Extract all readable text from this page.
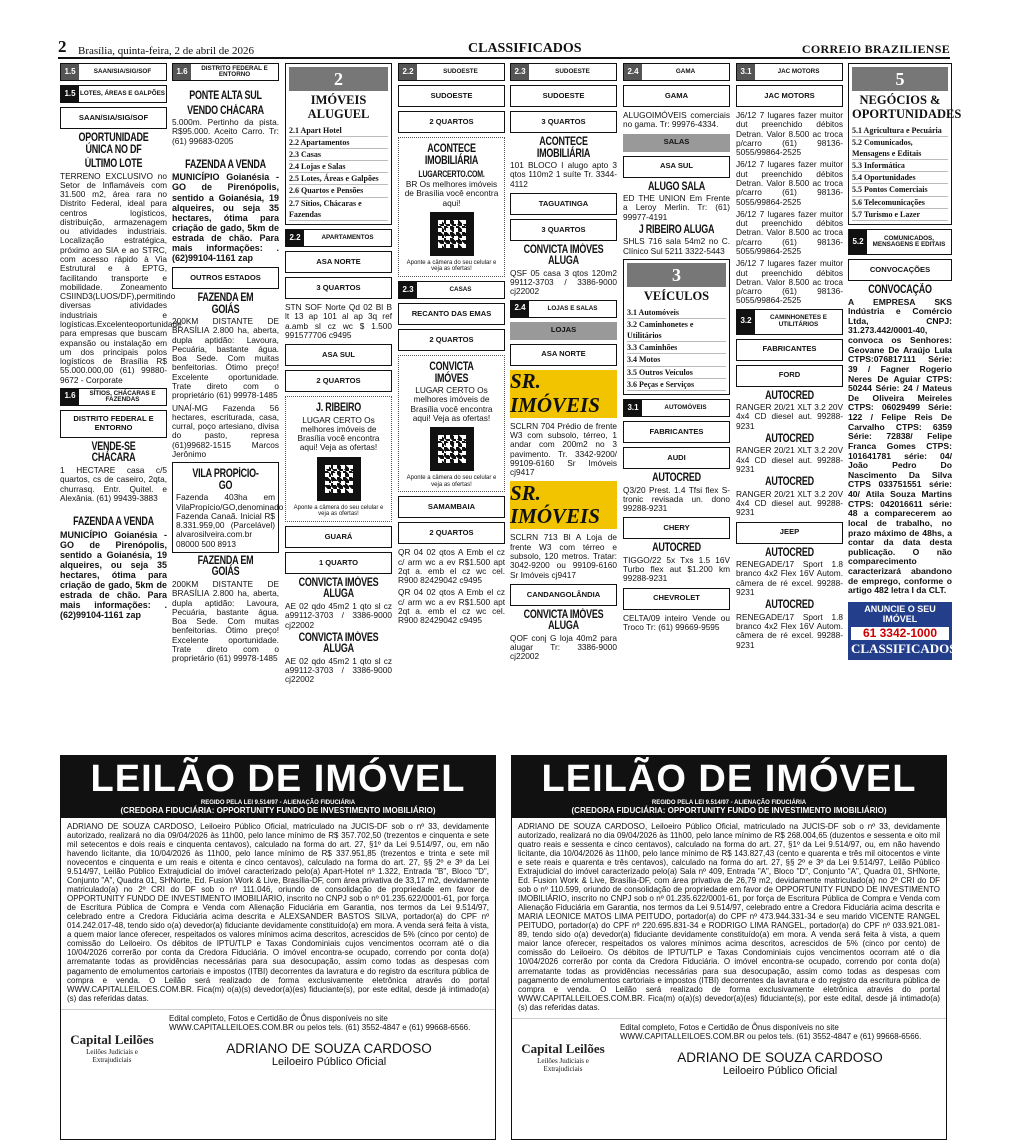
2	Brasília, quinta-feira, 2 de abril de 2026	CLASSIFICADOS	CORREIO BRAZILIENSE
1.5	SAAN/SIA/SIG/SOF
1.5 LOTES, ÁREAS E GALPÕES
SAAN/SIA/SIG/SOF
OPORTUNIDADE ÚNICA NO DF
ÚLTIMO LOTE
TERRENO EXCLUSIVO no Setor de Inflamáveis com 31.500 m2, área rara no Distrito Federal, ideal para centros logísticos, distribuição, armazenagem ou atividades industriais. Localização estratégica, próximo ao SIA e ao STRC, com acesso rápido à Via Estrutural e à EPTG, facilitando transporte e mobilidade. Zoneamento CSIIND3(LUOS/DF),permitindo diversas atividades industriais e logísticas.Excelenteoportunidade para empresas que buscam expansão ou instalação em um dos principais polos logísticos de Brasília R$ 55.000.000,00 (61) 99880-9672 - Corporate
1.6	SÍTIOS, CHÁCARAS E FAZENDAS
DISTRITO FEDERAL E ENTORNO
VENDE-SE CHÁCARA
1 HECTARE casa c/5 quartos, cs de caseiro, 2qta, churrasq. Entr. Quitel. e Alexânia. (61) 99439-3883
FAZENDA A VENDA
MUNICÍPIO Goianésia - GO de Pirenópolis, sentido a Goianésia, 19 alqueires, ou seja 35 hectares, ótima para criação de gado, 5km de estrada de chão. Para mais informações: . (62)99104-1161 zap
1.6	DISTRITO FEDERAL E ENTORNO
PONTE ALTA SUL
VENDO CHÁCARA
5.000m. Pertinho da pista. R$95.000. Aceito Carro. Tr: (61) 99683-0205
FAZENDA A VENDA
MUNICÍPIO Goianésia - GO de Pirenópolis, sentido a Goianésia, 19 alqueires, ou seja 35 hectares, ótima para criação de gado, 5km de estrada de chão. Para mais informações: . (62)99104-1161 zap
OUTROS ESTADOS
FAZENDA EM GOIÁS
200KM DISTANTE DE BRASÍLIA 2.800 ha, aberta, dupla aptidão: Lavoura, Pecuária, bastante água. Boa Sede. Com muitas benfeitorias. Ótimo preço! Excelente oportunidade. Trate direto com o proprietário (61) 99978-1485
UNAÍ-MG Fazenda 56 hectares, escriturada, casa, curral, poço artesiano, divisa do pasto, represa (61)99682-1515 Marcos Jerônimo
VILA PROPÍCIO-GO
Fazenda 403ha em VilaPropício/GO,denominado Fazenda Canaã. Inicial R$ 8.331.959,00 (Parcelável) alvarosilveira.com.br 08000 500 8913
FAZENDA EM GOIÁS
200KM DISTANTE DE BRASÍLIA 2.800 ha, aberta, dupla aptidão: Lavoura, Pecuária, bastante água. Boa Sede. Com muitas benfeitorias. Ótimo preço! Excelente oportunidade. Trate direto com o proprietário (61) 99978-1485
2
IMÓVEIS ALUGUEL
2.1 Apart Hotel
2.2 Apartamentos
2.3 Casas
2.4 Lojas e Salas
2.5 Lotes, Áreas e Galpões
2.6 Quartos e Pensões
2.7 Sítios, Chácaras e Fazendas
2.2	APARTAMENTOS
ASA NORTE
3 QUARTOS
STN SOF Norte Qd 02 Bl B lt 13 ap 101 al ap 3q ref a.amb sl cz wc $ 1.500 991577706 c9495
ASA SUL
2 QUARTOS
J. RIBEIRO
LUGAR CERTO Os melhores imóveis de Brasília você encontra aqui! Veja as ofertas!
Aponte a câmera do seu celular e veja as ofertas!
GUARÁ
1 QUARTO
CONVICTA IMÓVES ALUGA
AE 02 qdo 45m2 1 qto sl cz a99112-3703 / 3386-9000 cj22002
CONVICTA IMÓVES ALUGA
AE 02 qdo 45m2 1 qto sl cz a99112-3703 / 3386-9000 cj22002
2.2	SUDOESTE
SUDOESTE
2 QUARTOS
ACONTECE IMOBILIÁRIA
LUGARCERTO.COM.
BR Os melhores imóveis de Brasília você encontra aqui!
Aponte a câmera do seu celular e veja as ofertas!
2.3	CASAS
RECANTO DAS EMAS
2 QUARTOS
CONVICTA IMÓVES
LUGAR CERTO Os melhores imóveis de Brasília você encontra aqui! Veja as ofertas!
Aponte a câmera do seu celular e veja as ofertas!
SAMAMBAIA
2 QUARTOS
QR 04 02 qtos A Emb el cz c/ arm wc a ev R$1.500 apt 2qt a. emb el cz wc cel. R900 82429042 c9495
QR 04 02 qtos A Emb el cz c/ arm wc a ev R$1.500 apt 2qt a. emb el cz wc cel. R900 82429042 c9495
2.3	SUDOESTE
SUDOESTE
3 QUARTOS
ACONTECE IMOBILIÁRIA
101 BLOCO I alugo apto 3 qtos 110m2 1 suíte Tr. 3344-4112
TAGUATINGA
3 QUARTOS
CONVICTA IMÓVES ALUGA
QSF 05 casa 3 qtos 120m2 99112-3703 / 3386-9000 cj22002
2.4	LOJAS E SALAS
LOJAS
ASA NORTE
SR. IMÓVEIS
SCLRN 704 Prédio de frente W3 com subsolo, térreo, 1 andar com 200m2 no 3 pavimento. Tr. 3342-9200/ 99109-6160 Sr Imóveis cj9417
SR. IMÓVEIS
SCLRN 713 Bl A Loja de frente W3 com térreo e subsolo, 120 metros. Tratar: 3042-9200 ou 99109-6160 Sr Imóveis cj9417
CANDANGOLÂNDIA
CONVICTA IMÓVES ALUGA
QOF conj G loja 40m2 para alugar Tr: 3386-9000 cj22002
2.4	GAMA
GAMA
ALUGOIMÓVEIS comerciais no gama. Tr: 99976-4334.
SALAS
ASA SUL
ALUGO SALA
ED THE UNION Em Frente a Leroy Merlin. Tr: (61) 99977-4191
J RIBEIRO ALUGA
SHLS 716 sala 54m2 no C. Clínico Sul 5211 3322-5443
3
VEÍCULOS
3.1 Automóveis
3.2 Caminhonetes e Utilitários
3.3 Caminhões
3.4 Motos
3.5 Outros Veículos
3.6 Peças e Serviços
3.1	AUTOMÓVEIS
FABRICANTES
AUDI
AUTOCRED
Q3/20 Prest. 1.4 Tfsi flex S-tronic revisada un. dono 99288-9231
CHERY
AUTOCRED
TIGGO/22 5x Txs 1.5 16V Turbo flex aut $1.200 km 99288-9231
CHEVROLET
CELTA/09 inteiro Vende ou Troco Tr: (61) 99669-9595
3.1	JAC MOTORS
JAC MOTORS
J6/12 7 lugares fazer muitor dut preenchido débitos Detran. Valor 8.500 ac troca p/carro (61) 98136-5055/99864-2525
J6/12 7 lugares fazer muitor dut preenchido débitos Detran. Valor 8.500 ac troca p/carro (61) 98136-5055/99864-2525
J6/12 7 lugares fazer muitor dut preenchido débitos Detran. Valor 8.500 ac troca p/carro (61) 98136-5055/99864-2525
J6/12 7 lugares fazer muitor dut preenchido débitos Detran. Valor 8.500 ac troca p/carro (61) 98136-5055/99864-2525
3.2	CAMINHONETES E UTILITÁRIOS
FABRICANTES
FORD
AUTOCRED
RANGER 20/21 XLT 3.2 20V 4x4 CD diesel aut. 99288-9231
AUTOCRED
RANGER 20/21 XLT 3.2 20V 4x4 CD diesel aut. 99288-9231
AUTOCRED
RANGER 20/21 XLT 3.2 20V 4x4 CD diesel aut. 99288-9231
JEEP
AUTOCRED
RENEGADE/17 Sport 1.8 branco 4x2 Flex 16V Autom. câmera de ré excel. 99288-9231
AUTOCRED
RENEGADE/17 Sport 1.8 branco 4x2 Flex 16V Autom. câmera de ré excel. 99288-9231
5
NEGÓCIOS & OPORTUNIDADES
5.1 Agricultura e Pecuária
5.2 Comunicados, Mensagens e Editais
5.3 Informática
5.4 Oportunidades
5.5 Pontos Comerciais
5.6 Telecomunicações
5.7 Turismo e Lazer
5.2	COMUNICADOS, MENSAGENS E EDITAIS
CONVOCAÇÕES
CONVOCAÇÃO
A EMPRESA SKS Indústria e Comércio Ltda, CNPJ: 31.273.442/0001-40, convoca os Senhores: Geovane De Araújo Lula CTPS:076817111 Série: 39 / Fagner Rogerio Neres De Aguiar CTPS: 50244 Série: 24 / Mateus De Oliveira Meireles CTPS: 06029499 Série: 122 / Felipe Reis De Carvalho CTPS: 6359 Série: 72838/ Felipe Franca Gomes CTPS: 101641781 série: 04/ João Pedro Do Nascimento Da Silva CTPS 033751551 série: 40/ Atila Souza Martins CTPS: 042016611 série: 48 a comparecerem ao local de trabalho, no prazo máximo de 48hs, a contar da data desta publicação. O não comparecimento caracterizará abandono de emprego, conforme o artigo 482 letra I da CLT.
ANUNCIE O SEU IMÓVEL
61 3342-1000
CLASSIFICADOS
LEILÃO DE IMÓVEL
REGIDO PELA LEI 9.514/97 - ALIENAÇÃO FIDUCIÁRIA
(CREDORA FIDUCIÁRIA: OPPORTUNITY FUNDO DE INVESTIMENTO IMOBILIÁRIO)
ADRIANO DE SOUZA CARDOSO, Leiloeiro Público Oficial, matriculado na JUCIS-DF sob o nº 33, devidamente autorizado, realizará no dia 09/04/2026 às 11h00, pelo lance mínimo de R$ 357.702,50 (trezentos e cinquenta e sete mil setecentos e dois reais e cinquenta centavos), calculado na forma do art. 27, §1º da Lei 9.514/97, ou, em não havendo licitante, dia 10/04/2026 às 11h00, pelo lance mínimo de R$ 337.951,85 (trezentos e trinta e sete mil novecentos e cinquenta e um reais e oitenta e cinco centavos), calculado na forma do art. 27, §§ 2º e 3º da Lei 9.514/97, Leilão Público Extrajudicial do imóvel caracterizado pelo(a) Apart-Hotel nº 1.322, Entrada "B", Bloco "D", Conjunto "A", Quadra 01, SHNorte, Ed. Fusion Work & Live, Brasília-DF, com área privativa de 33,17 m2, devidamente matriculado(a) no 2º CRI do DF sob o nº 111.046, oriundo de consolidação de propriedade em favor de OPPORTUNITY FUNDO DE INVESTIMENTO IMOBILIÁRIO, inscrito no CNPJ sob o nº 01.235.622/0001-61, por força de Escritura Pública de Compra e Venda com Alienação Fiduciária em Garantia, nos termos da Lei 9.514/97, celebrado entre a Credora Fiduciária acima descrita e ALEXSANDER BASTOS SILVA, portador(a) do CPF nº 014.242.017-48, tendo sido o(a) devedor(a) fiduciante devidamente constituído(a) em mora. A venda será feita à vista, a quem maior lance oferecer, respeitados os valores mínimos acima descritos, acrescidos de 5% (cinco por cento) de comissão do Leiloeiro. Os débitos de IPTU/TLP e Taxas Condominiais cujos vencimentos ocorram até o dia 10/04/2026 correrão por conta da Credora Fiduciária. O imóvel encontra-se ocupado, correndo por conta do(a) arrematante todas as providências necessárias para sua desocupação, assim como todas as despesas com pagamento de emolumentos cartoriais e impostos (ITBI) decorrentes da lavratura e do registro da escritura pública de compra e venda. O Leilão será realizado de forma exclusivamente eletrônica através do portal WWW.CAPITALLEILOES.COM.BR. Fica(m) o(a)(s) devedor(a)(es) fiduciante(s), por este edital, desde já intimado(a)(s) das referidas datas.
Capital Leilões
Leilões Judiciais e Extrajudiciais
Edital completo, Fotos e Certidão de Ônus disponíveis no site WWW.CAPITALLEILOES.COM.BR ou pelos tels. (61) 3552-4847 e (61) 99668-6566.
ADRIANO DE SOUZA CARDOSO
Leiloeiro Público Oficial
LEILÃO DE IMÓVEL
REGIDO PELA LEI 9.514/97 - ALIENAÇÃO FIDUCIÁRIA
(CREDORA FIDUCIÁRIA: OPPORTUNITY FUNDO DE INVESTIMENTO IMOBILIÁRIO)
ADRIANO DE SOUZA CARDOSO, Leiloeiro Público Oficial, matriculado na JUCIS-DF sob o nº 33, devidamente autorizado, realizará no dia 09/04/2026 às 11h00, pelo lance mínimo de R$ 268.004,65 (duzentos e sessenta e oito mil quatro reais e sessenta e cinco centavos), calculado na forma do art. 27, §1º da Lei 9.514/97, ou, em não havendo licitante, dia 10/04/2026 às 11h00, pelo lance mínimo de R$ 143.827,43 (cento e quarenta e três mil oitocentos e vinte e sete reais e quarenta e três centavos), calculado na forma do art. 27, §§ 2º e 3º da Lei 9.514/97, Leilão Público Extrajudicial do imóvel caracterizado pelo(a) Sala nº 409, Entrada "A", Bloco "D", Conjunto "A", Quadra 01, SHNorte, Ed. Fusion Work & Live, Brasília-DF, com área privativa de 26,79 m2, devidamente matriculado(a) no 2º CRI do DF sob o nº 110.599, oriundo de consolidação de propriedade em favor de OPPORTUNITY FUNDO DE INVESTIMENTO IMOBILIÁRIO, inscrito no CNPJ sob o nº 01.235.622/0001-61, por força de Escritura Pública de Compra e Venda com Alienação Fiduciária em Garantia, nos termos da Lei 9.514/97, celebrado entre a Credora Fiduciária acima descrita e MARIA LEONICE MATOS LIMA PEITUDO, portador(a) do CPF nº 473.944.331-34 e seu marido VICENTE RANGEL PEITUDO, portador(a) do CPF nº 220.695.831-34 e RODRIGO LIMA RANGEL, portador(a) do CPF nº 033.921.081-89, tendo sido o(a) devedor(a) fiduciante devidamente constituído(a) em mora. A venda será feita à vista, a quem maior lance oferecer, respeitados os valores mínimos acima descritos, acrescidos de 5% (cinco por cento) de comissão do Leiloeiro. Os débitos de IPTU/TLP e Taxas Condominiais cujos vencimentos ocorram até o dia 10/04/2026 correrão por conta da Credora Fiduciária. O imóvel encontra-se ocupado, correndo por conta do(a) arrematante todas as providências necessárias para sua desocupação, assim como todas as despesas com pagamento de emolumentos cartoriais e impostos (ITBI) decorrentes da lavratura e do registro da escritura pública de compra e venda. O Leilão será realizado de forma exclusivamente eletrônica através do portal WWW.CAPITALLEILOES.COM.BR. Fica(m) o(a)(s) devedor(a)(es) fiduciante(s), por este edital, desde já intimado(a)(s) das referidas datas.
Capital Leilões
Leilões Judiciais e Extrajudiciais
Edital completo, Fotos e Certidão de Ônus disponíveis no site WWW.CAPITALLEILOES.COM.BR ou pelos tels. (61) 3552-4847 e (61) 99668-6566.
ADRIANO DE SOUZA CARDOSO
Leiloeiro Público Oficial
